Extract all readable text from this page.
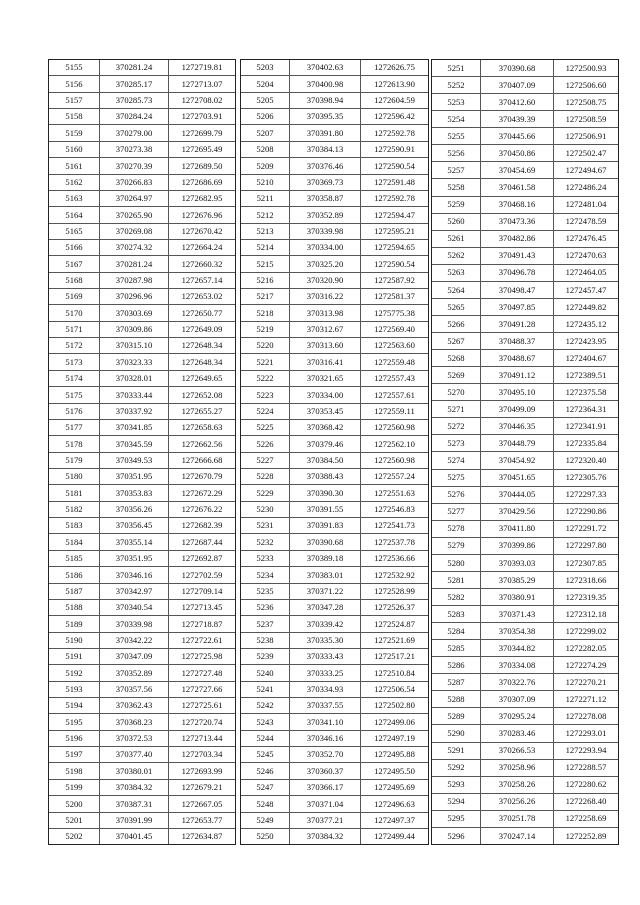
5155	370281.24	1272719.81
5156	370285.17	1272713.07
5157	370285.73	1272708.02
5158	370284.24	1272703.91
5159	370279.00	1272699.79
5160	370273.38	1272695.49
5161	370270.39	1272689.50
5162	370266.83	1272686.69
5163	370264.97	1272682.95
5164	370265.90	1272676.96
5165	370269.08	1272670.42
5166	370274.32	1272664.24
5167	370281.24	1272660.32
5168	370287.98	1272657.14
5169	370296.96	1272653.02
5170	370303.69	1272650.77
5171	370309.86	1272649.09
5172	370315.10	1272648.34
5173	370323.33	1272648.34
5174	370328.01	1272649.65
5175	370333.44	1272652.08
5176	370337.92	1272655.27
5177	370341.85	1272658.63
5178	370345.59	1272662.56
5179	370349.53	1272666.68
5180	370351.95	1272670.79
5181	370353.83	1272672.29
5182	370356.26	1272676.22
5183	370356.45	1272682.39
5184	370355.14	1272687.44
5185	370351.95	1272692.87
5186	370346.16	1272702.59
5187	370342.97	1272709.14
5188	370340.54	1272713.45
5189	370339.98	1272718.87
5190	370342.22	1272722.61
5191	370347.09	1272725.98
5192	370352.89	1272727.48
5193	370357.56	1272727.66
5194	370362.43	1272725.61
5195	370368.23	1272720.74
5196	370372.53	1272713.44
5197	370377.40	1272703.34
5198	370380.01	1272693.99
5199	370384.32	1272679.21
5200	370387.31	1272667.05
5201	370391.99	1272653.77
5202	370401.45	1272634.87
5203	370402.63	1272626.75
5204	370400.98	1272613.90
5205	370398.94	1272604.59
5206	370395.35	1272596.42
5207	370391.80	1272592.78
5208	370384.13	1272590.91
5209	370376.46	1272590.54
5210	370369.73	1272591.48
5211	370358.87	1272592.78
5212	370352.89	1272594.47
5213	370339.98	1272595.21
5214	370334.00	1272594.65
5215	370325.20	1272590.54
5216	370320.90	1272587.92
5217	370316.22	1272581.37
5218	370313.98	1275775.38
5219	370312.67	1272569.40
5220	370313.60	1272563.60
5221	370316.41	1272559.48
5222	370321.65	1272557.43
5223	370334.00	1272557.61
5224	370353.45	1272559.11
5225	370368.42	1272560.98
5226	370379.46	1272562.10
5227	370384.50	1272560.98
5228	370388.43	1272557.24
5229	370390.30	1272551.63
5230	370391.55	1272546.83
5231	370391.83	1272541.73
5232	370390.68	1272537.78
5233	370389.18	1272536.66
5234	370383.01	1272532.92
5235	370371.22	1272528.99
5236	370347.28	1272526.37
5237	370339.42	1272524.87
5238	370335.30	1272521.69
5239	370333.43	1272517.21
5240	370333.25	1272510.84
5241	370334.93	1272506.54
5242	370337.55	1272502.80
5243	370341.10	1272499.06
5244	370346.16	1272497.19
5245	370352.70	1272495.88
5246	370360.37	1272495.50
5247	370366.17	1272495.69
5248	370371.04	1272496.63
5249	370377.21	1272497.37
5250	370384.32	1272499.44
5251	370390.68	1272500.93
5252	370407.09	1272506.60
5253	370412.60	1272508.75
5254	370439.39	1272508.59
5255	370445.66	1272506.91
5256	370450.86	1272502.47
5257	370454.69	1272494.67
5258	370461.58	1272486.24
5259	370468.16	1272481.04
5260	370473.36	1272478.59
5261	370482.86	1272476.45
5262	370491.43	1272470.63
5263	370496.78	1272464.05
5264	370498.47	1272457.47
5265	370497.85	1272449.82
5266	370491.28	1272435.12
5267	370488.37	1272423.95
5268	370488.67	1272404.67
5269	370491.12	1272389.51
5270	370495.10	1272375.58
5271	370499.09	1272364.31
5272	370446.35	1272341.91
5273	370448.79	1272335.84
5274	370454.92	1272320.40
5275	370451.65	1272305.76
5276	370444.05	1272297.33
5277	370429.56	1272290.86
5278	370411.80	1272291.72
5279	370399.86	1272297.80
5280	370393.03	1272307.85
5281	370385.29	1272318.66
5282	370380.91	1272319.35
5283	370371.43	1272312.18
5284	370354.38	1272299.02
5285	370344.82	1272282.05
5286	370334.08	1272274.29
5287	370322.76	1272270.21
5288	370307.09	1272271.12
5289	370295.24	1272278.08
5290	370283.46	1272293.01
5291	370266.53	1272293.94
5292	370258.96	1272288.57
5293	370258.26	1272280.62
5294	370256.26	1272268.40
5295	370251.78	1272258.69
5296	370247.14	1272252.89
